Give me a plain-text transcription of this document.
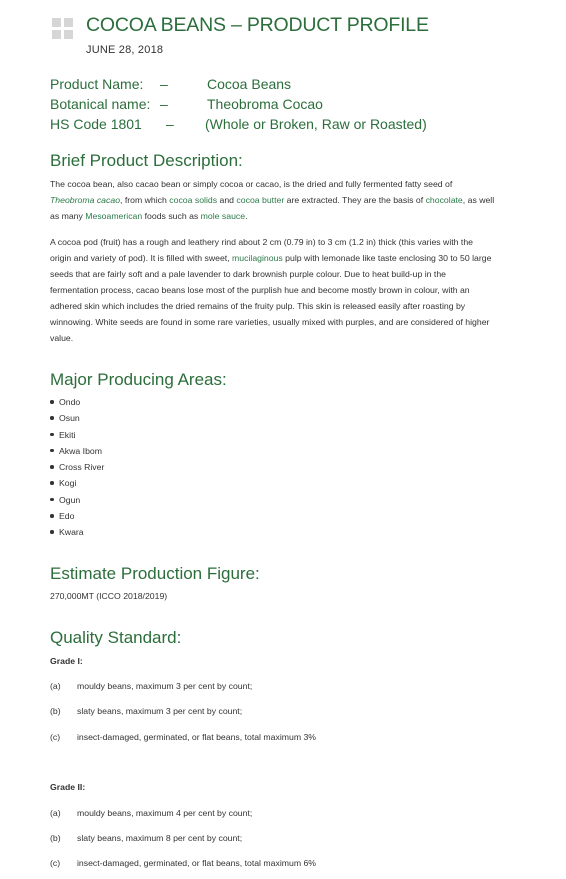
COCOA BEANS – PRODUCT PROFILE
JUNE 28, 2018
Product Name: –	Cocoa Beans
Botanical name: –	Theobroma Cocao
HS Code 1801 – (Whole or Broken, Raw or Roasted)
Brief Product Description:

The cocoa bean, also cacao bean or simply cocoa or cacao, is the dried and fully fermented fatty seed of Theobroma cacao, from which cocoa solids and cocoa butter are extracted. They are the basis of chocolate, as well as many Mesoamerican foods such as mole sauce.

A cocoa pod (fruit) has a rough and leathery rind about 2 cm (0.79 in) to 3 cm (1.2 in) thick (this varies with the origin and variety of pod). It is filled with sweet, mucilaginous pulp with lemonade like taste enclosing 30 to 50 large seeds that are fairly soft and a pale lavender to dark brownish purple colour. Due to heat build-up in the fermentation process, cacao beans lose most of the purplish hue and become mostly brown in colour, with an adhered skin which includes the dried remains of the fruity pulp. This skin is released easily after roasting by winnowing. White seeds are found in some rare varieties, usually mixed with purples, and are considered of higher value.

Major Producing Areas:
Ondo
Osun
Ekiti
Akwa Ibom
Cross River
Kogi
Ogun
Edo
Kwara
Estimate Production Figure:
270,000MT (ICCO 2018/2019)
Quality Standard:
Grade I:
(a) mouldy beans, maximum 3 per cent by count;
(b) slaty beans, maximum 3 per cent by count;
(c) insect-damaged, germinated, or flat beans, total maximum 3%
Grade II:
(a) mouldy beans, maximum 4 per cent by count;
(b) slaty beans, maximum 8 per cent by count;
(c) insect-damaged, germinated, or flat beans, total maximum 6%
